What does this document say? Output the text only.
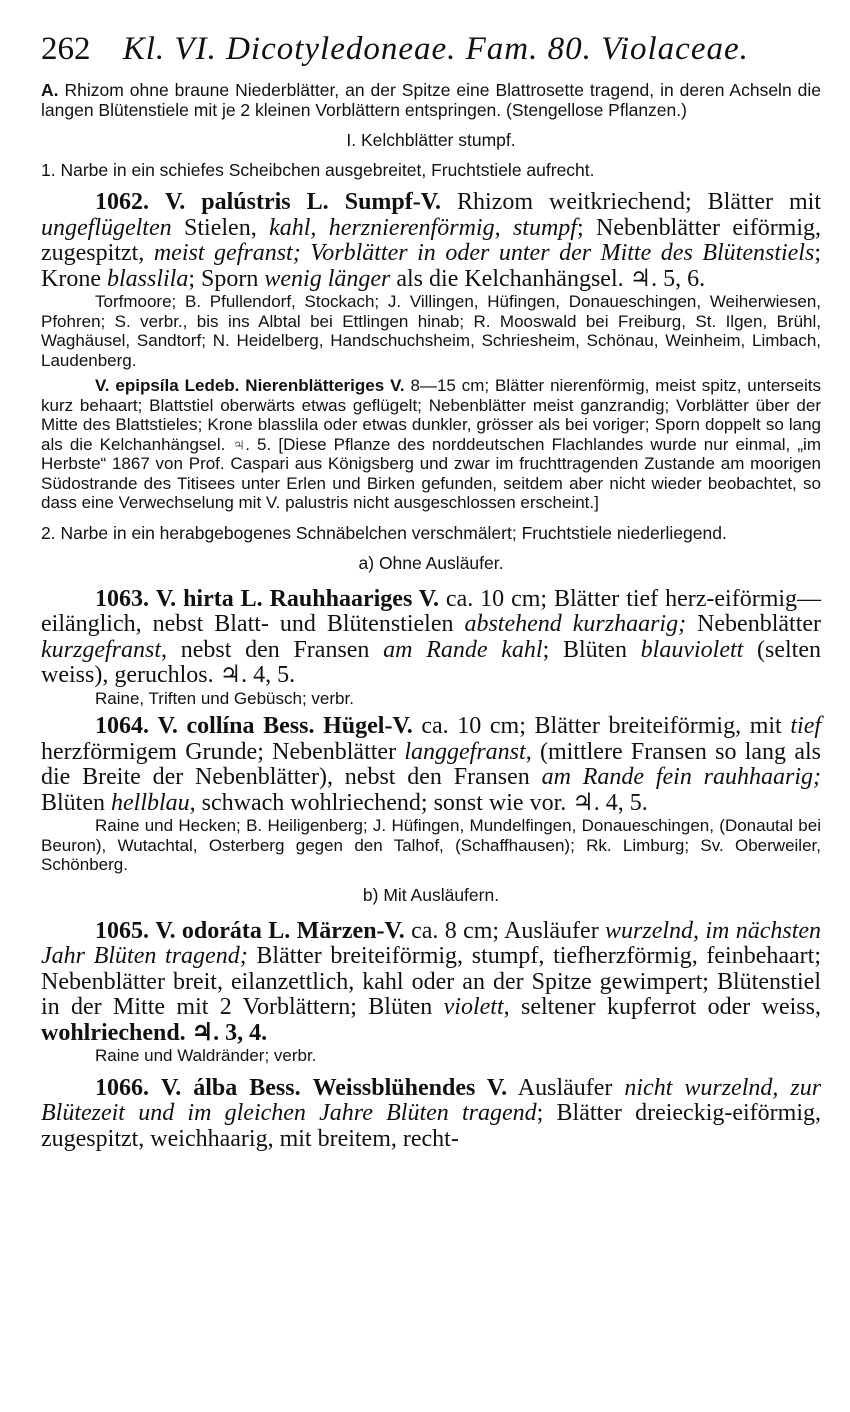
262 Kl. VI. Dicotyledoneae. Fam. 80. Violaceae.

A. Rhizom ohne braune Niederblätter, an der Spitze eine Blattrosette tragend, in deren Achseln die langen Blütenstiele mit je 2 kleinen Vorblättern entspringen. (Stengellose Pflanzen.)

I. Kelchblätter stumpf.

1. Narbe in ein schiefes Scheibchen ausgebreitet, Fruchtstiele aufrecht.

1062. V. palústris L. Sumpf-V. Rhizom weitkriechend; Blätter mit ungeflügelten Stielen, kahl, herznierenförmig, stumpf; Nebenblätter eiförmig, zugespitzt, meist gefranst; Vorblätter in oder unter der Mitte des Blütenstiels; Krone blasslila; Sporn wenig länger als die Kelchanhängsel. ♃. 5, 6.

Torfmoore; B. Pfullendorf, Stockach; J. Villingen, Hüfingen, Donaueschingen, Weiherwiesen, Pfohren; S. verbr., bis ins Albtal bei Ettlingen hinab; R. Mooswald bei Freiburg, St. Ilgen, Brühl, Waghäusel, Sandtorf; N. Heidelberg, Handschuchsheim, Schriesheim, Schönau, Weinheim, Limbach, Laudenberg.

V. epipsíla Ledeb. Nierenblätteriges V. 8—15 cm; Blätter nierenförmig, meist spitz, unterseits kurz behaart; Blattstiel oberwärts etwas geflügelt; Nebenblätter meist ganzrandig; Vorblätter über der Mitte des Blattstieles; Krone blasslila oder etwas dunkler, grösser als bei voriger; Sporn doppelt so lang als die Kelchanhängsel. ♃. 5. [Diese Pflanze des norddeutschen Flachlandes wurde nur einmal, „im Herbste“ 1867 von Prof. Caspari aus Königsberg und zwar im fruchttragenden Zustande am moorigen Südostrande des Titisees unter Erlen und Birken gefunden, seitdem aber nicht wieder beobachtet, so dass eine Verwechselung mit V. palustris nicht ausgeschlossen erscheint.]

2. Narbe in ein herabgebogenes Schnäbelchen verschmälert; Fruchtstiele niederliegend.

a) Ohne Ausläufer.

1063. V. hirta L. Rauhhaariges V. ca. 10 cm; Blätter tief herz-eiförmig—eilänglich, nebst Blatt- und Blütenstielen abstehend kurzhaarig; Nebenblätter kurzgefranst, nebst den Fransen am Rande kahl; Blüten blauviolett (selten weiss), geruchlos. ♃. 4, 5.

Raine, Triften und Gebüsch; verbr.

1064. V. collína Bess. Hügel-V. ca. 10 cm; Blätter breiteiförmig, mit tief herzförmigem Grunde; Nebenblätter langgefranst, (mittlere Fransen so lang als die Breite der Nebenblätter), nebst den Fransen am Rande fein rauhhaarig; Blüten hellblau, schwach wohlriechend; sonst wie vor. ♃. 4, 5.

Raine und Hecken; B. Heiligenberg; J. Hüfingen, Mundelfingen, Donaueschingen, (Donautal bei Beuron), Wutachtal, Osterberg gegen den Talhof, (Schaffhausen); Rk. Limburg; Sv. Oberweiler, Schönberg.

b) Mit Ausläufern.

1065. V. odoráta L. Märzen-V. ca. 8 cm; Ausläufer wurzelnd, im nächsten Jahr Blüten tragend; Blätter breiteiförmig, stumpf, tiefherzförmig, feinbehaart; Nebenblätter breit, eilanzettlich, kahl oder an der Spitze gewimpert; Blütenstiel in der Mitte mit 2 Vorblättern; Blüten violett, seltener kupferrot oder weiss, wohlriechend. ♃. 3, 4.

Raine und Waldränder; verbr.

1066. V. álba Bess. Weissblühendes V. Ausläufer nicht wurzelnd, zur Blütezeit und im gleichen Jahre Blüten tragend; Blätter dreieckig-eiförmig, zugespitzt, weichhaarig, mit breitem, recht-
